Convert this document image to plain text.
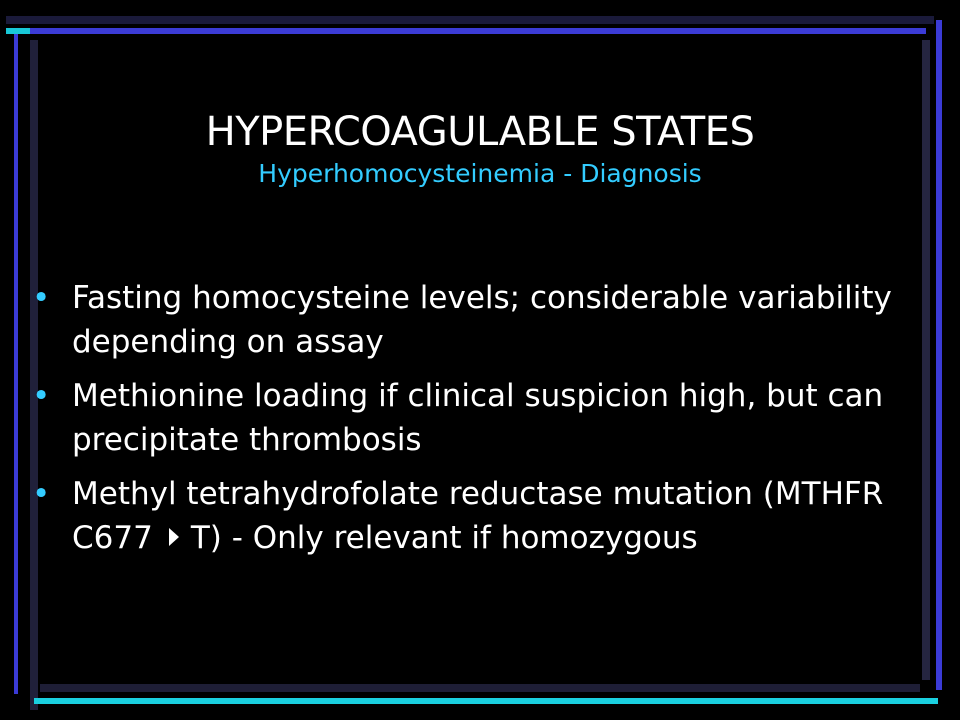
HYPERCOAGULABLE STATES
Hyperhomocysteinemia - Diagnosis
• Fasting homocysteine levels; considerable variability depending on assay
• Methionine loading if clinical suspicion high, but can precipitate thrombosis
• Methyl tetrahydrofolate reductase mutation (MTHFR C677 T) - Only relevant if homozygous
